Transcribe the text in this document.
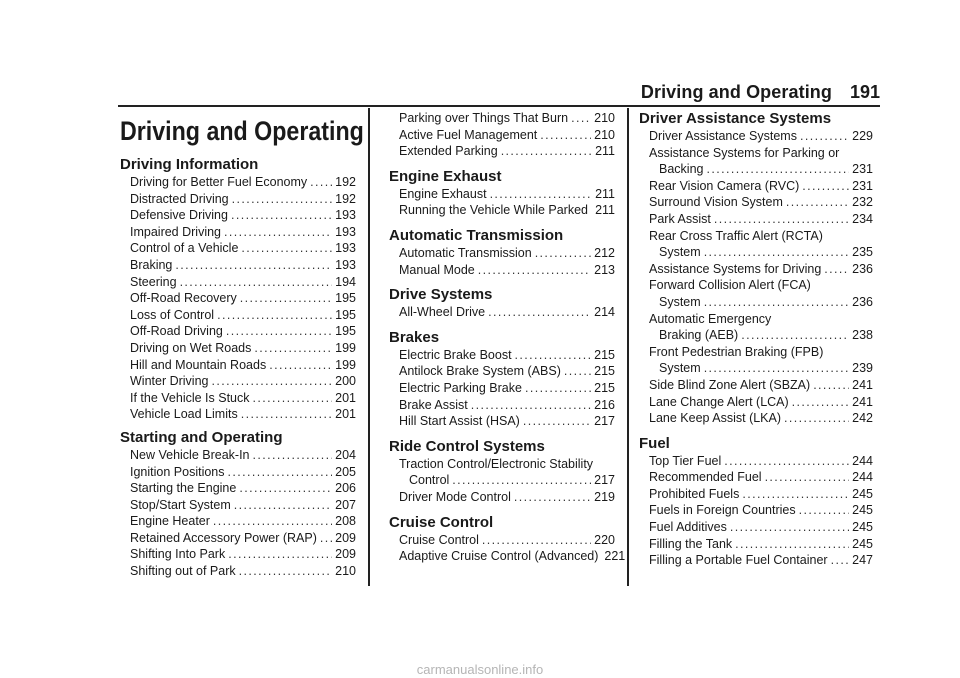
Driving and Operating 191
Driving and Operating
Driving Information
Driving for Better Fuel Economy ..... 192
Distracted Driving .....	192
Defensive Driving .....	193
Impaired Driving .....	193
Control of a Vehicle .....	193
Braking .....	193
Steering .....	194
Off-Road Recovery .....	195
Loss of Control .....	195
Off-Road Driving .....	195
Driving on Wet Roads .....	199
Hill and Mountain Roads .....	199
Winter Driving .....	200
If the Vehicle Is Stuck .....	201
Vehicle Load Limits .....	201
Starting and Operating
New Vehicle Break-In .....	204
Ignition Positions .....	205
Starting the Engine .....	206
Stop/Start System .....	207
Engine Heater .....	208
Retained Accessory Power (RAP) ..... 209
Shifting Into Park .....	209
Shifting out of Park .....	210
Parking over Things That Burn ..... 210
Active Fuel Management .....	210
Extended Parking .....	211
Engine Exhaust
Engine Exhaust .....	211
Running the Vehicle While Parked ..... 211
Automatic Transmission
Automatic Transmission .....	212
Manual Mode .....	213
Drive Systems
All-Wheel Drive .....	214
Brakes
Electric Brake Boost .....	215
Antilock Brake System (ABS) .....	215
Electric Parking Brake .....	215
Brake Assist .....	216
Hill Start Assist (HSA) .....	217
Ride Control Systems
Traction Control/Electronic Stability
Control .....	217
Driver Mode Control .....	219
Cruise Control
Cruise Control .....	220
Adaptive Cruise Control (Advanced) 221
Driver Assistance Systems
Driver Assistance Systems .....	229
Assistance Systems for Parking or
Backing .....	231
Rear Vision Camera (RVC) .....	231
Surround Vision System .....	232
Park Assist .....	234
Rear Cross Traffic Alert (RCTA)
System .....	235
Assistance Systems for Driving ..... 236
Forward Collision Alert (FCA)
System .....	236
Automatic Emergency
Braking (AEB) .....	238
Front Pedestrian Braking (FPB)
System .....	239
Side Blind Zone Alert (SBZA) .....	241
Lane Change Alert (LCA) .....	241
Lane Keep Assist (LKA) .....	242
Fuel
Top Tier Fuel .....	244
Recommended Fuel .....	244
Prohibited Fuels .....	245
Fuels in Foreign Countries .....	245
Fuel Additives .....	245
Filling the Tank .....	245
Filling a Portable Fuel Container ..... 247
carmanualsonline.info
